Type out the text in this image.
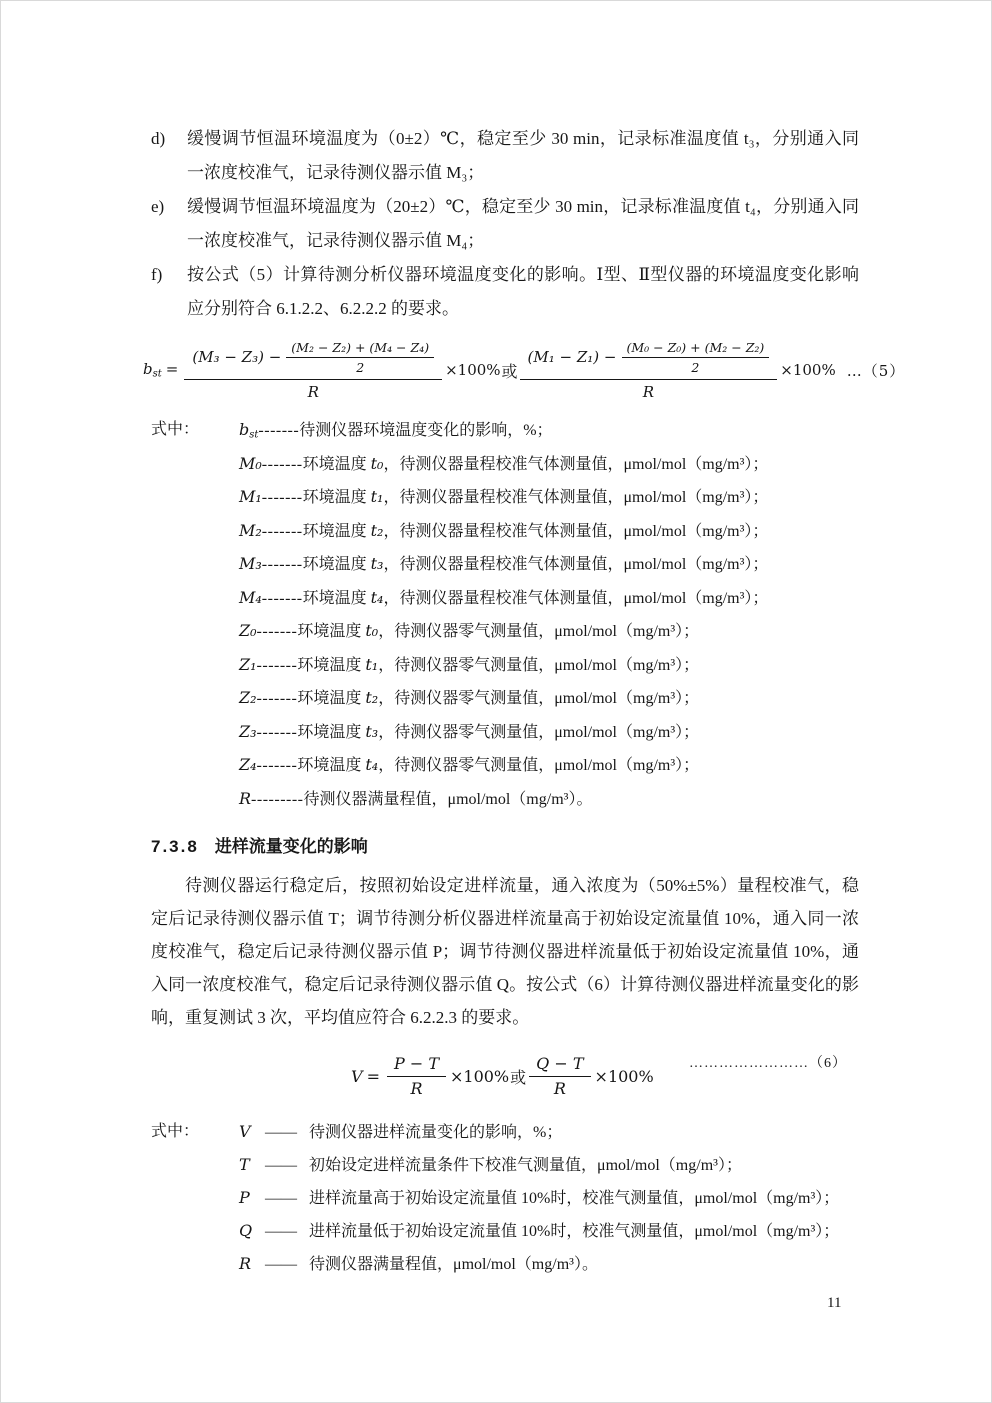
d)	缓慢调节恒温环境温度为（0±2）℃，稳定至少 30 min，记录标准温度值 t₃，分别通入同一浓度校准气，记录待测仪器示值 M₃；
e)	缓慢调节恒温环境温度为（20±2）℃，稳定至少 30 min，记录标准温度值 t₄，分别通入同一浓度校准气，记录待测仪器示值 M₄；
f)	按公式（5）计算待测分析仪器环境温度变化的影响。Ⅰ型、Ⅱ型仪器的环境温度变化影响应分别符合 6.1.2.2、6.2.2.2 的要求。
$b_{st}$ =
$(M_3 - Z_3) - \frac{\text{(M₂ − Z₂) + (M₄ − Z₄)}}{2}$
R
×100% 或
$(M_1 - Z_1) - \frac{\text{(M₀ − Z₀) + (M₂ − Z₂)}}{2}$
R
×100% …（5）
式中：	$b_{st}-------$待测仪器环境温度变化的影响，%；
M₀-------环境温度 t₀，待测仪器量程校准气体测量值，μmol/mol（mg/m³）；
M₁-------环境温度 t₁，待测仪器量程校准气体测量值，μmol/mol（mg/m³）；
M₂-------环境温度 t₂，待测仪器量程校准气体测量值，μmol/mol（mg/m³）；
M₃-------环境温度 t₃，待测仪器量程校准气体测量值，μmol/mol（mg/m³）；
M₄-------环境温度 t₄，待测仪器量程校准气体测量值，μmol/mol（mg/m³）；
Z₀-------环境温度 t₀，待测仪器零气测量值，μmol/mol（mg/m³）；
Z₁-------环境温度 t₁，待测仪器零气测量值，μmol/mol（mg/m³）；
Z₂-------环境温度 t₂，待测仪器零气测量值，μmol/mol（mg/m³）；
Z₃-------环境温度 t₃，待测仪器零气测量值，μmol/mol（mg/m³）；
Z₄-------环境温度 t₄，待测仪器零气测量值，μmol/mol（mg/m³）；
R---------待测仪器满量程值，μmol/mol（mg/m³）。
7.3.8 进样流量变化的影响

待测仪器运行稳定后，按照初始设定进样流量，通入浓度为（50%±5%）量程校准气，稳定后记录待测仪器示值 T；调节待测分析仪器进样流量高于初始设定流量值 10%，通入同一浓度校准气，稳定后记录待测仪器示值 P；调节待测仪器进样流量低于初始设定流量值 10%，通入同一浓度校准气，稳定后记录待测仪器示值 Q。按公式（6）计算待测仪器进样流量变化的影响，重复测试 3 次，平均值应符合 6.2.2.3 的要求。

$V = \frac{P - T}{R} \times 100\%$ 或 $\frac{Q - T}{R} \times 100\%$
……………………（6）
式中：	V —— 待测仪器进样流量变化的影响，%；
T —— 初始设定进样流量条件下校准气测量值，μmol/mol（mg/m³）；
P —— 进样流量高于初始设定流量值 10%时，校准气测量值，μmol/mol（mg/m³）；
Q —— 进样流量低于初始设定流量值 10%时，校准气测量值，μmol/mol（mg/m³）；
R —— 待测仪器满量程值，μmol/mol（mg/m³）。
11
